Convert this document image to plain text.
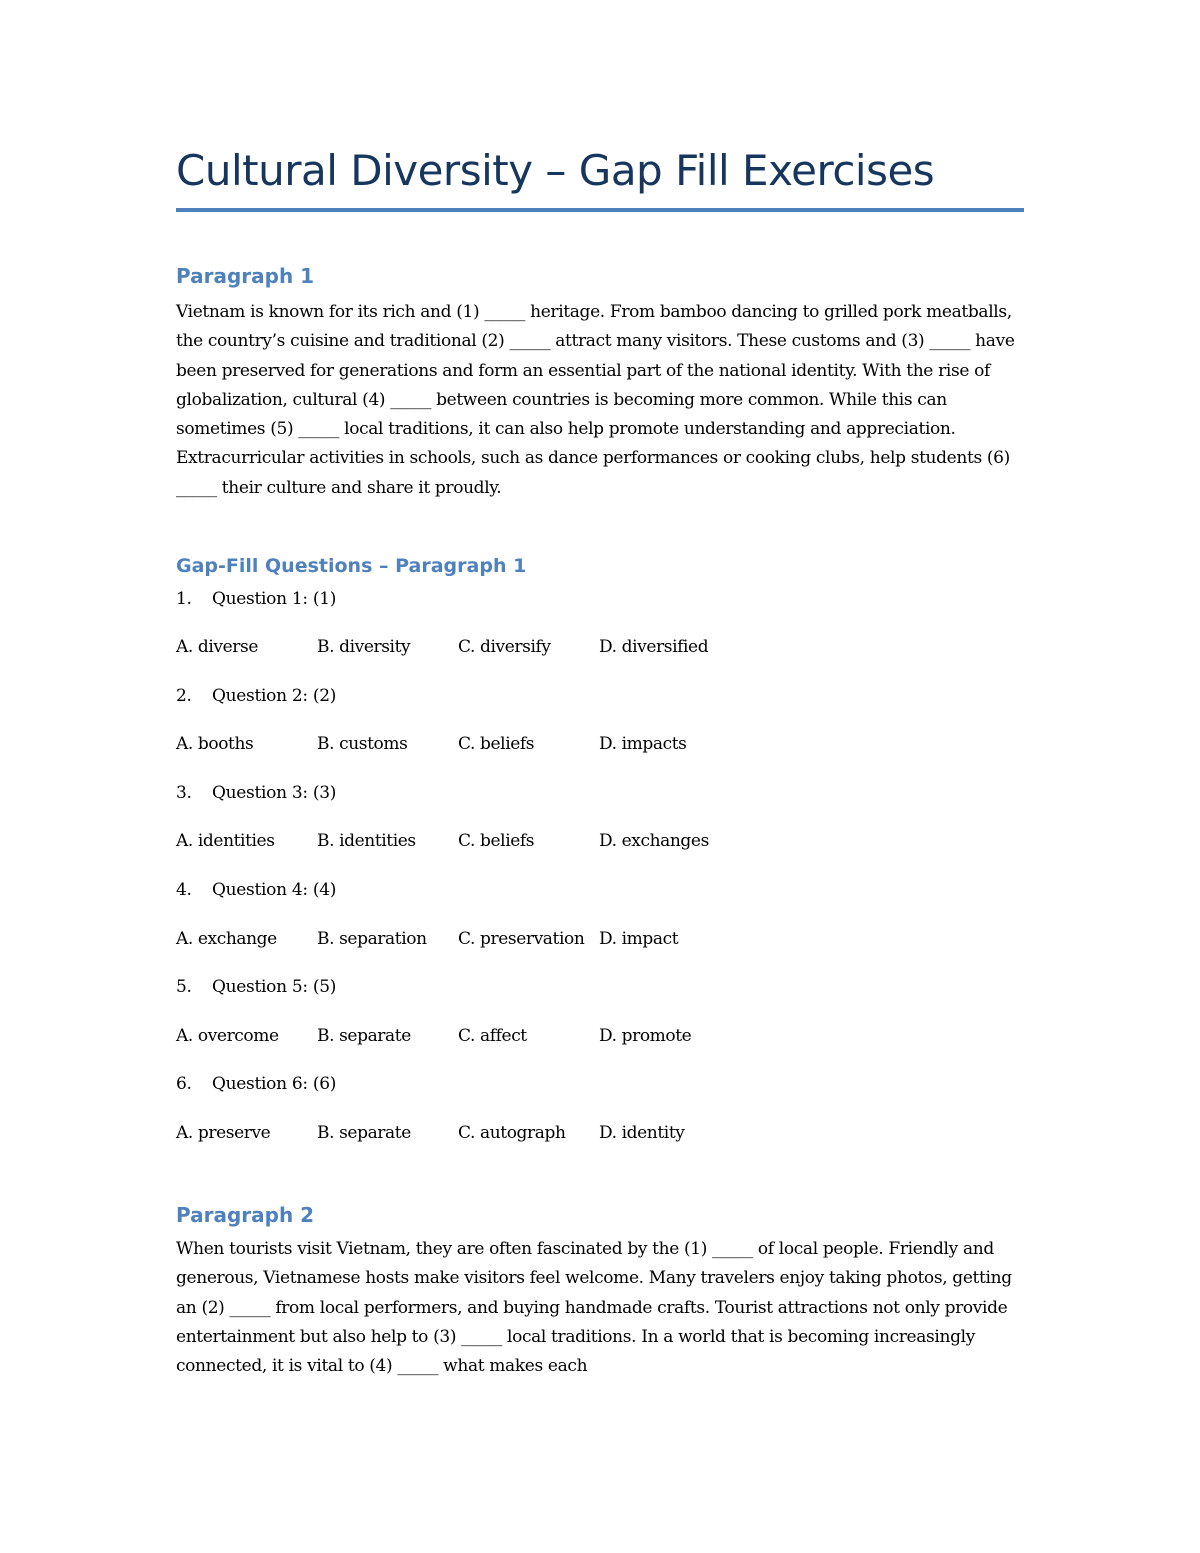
Cultural Diversity – Gap Fill Exercises
Paragraph 1

Vietnam is known for its rich and (1) _____ heritage. From bamboo dancing to grilled pork meatballs, the country’s cuisine and traditional (2) _____ attract many visitors. These customs and (3) _____ have been preserved for generations and form an essential part of the national identity. With the rise of globalization, cultural (4) _____ between countries is becoming more common. While this can sometimes (5) _____ local traditions, it can also help promote understanding and appreciation. Extracurricular activities in schools, such as dance performances or cooking clubs, help students (6) _____ their culture and share it proudly.

Gap-Fill Questions – Paragraph 1
1. Question 1: (1)
A. diverse	B. diversity	C. diversify	D. diversified
2. Question 2: (2)
A. booths	B. customs	C. beliefs	D. impacts
3. Question 3: (3)
A. identities B. identities C. beliefs	D. exchanges
4. Question 4: (4)
A. exchange B. separation C. preservation D. impact
5. Question 5: (5)
A. overcome B. separate	C. affect	D. promote
6. Question 6: (6)
A. preserve	B. separate	C. autograph D. identity
Paragraph 2

When tourists visit Vietnam, they are often fascinated by the (1) _____ of local people. Friendly and generous, Vietnamese hosts make visitors feel welcome. Many travelers enjoy taking photos, getting an (2) _____ from local performers, and buying handmade crafts. Tourist attractions not only provide entertainment but also help to (3) _____ local traditions. In a world that is becoming increasingly connected, it is vital to (4) _____ what makes each
